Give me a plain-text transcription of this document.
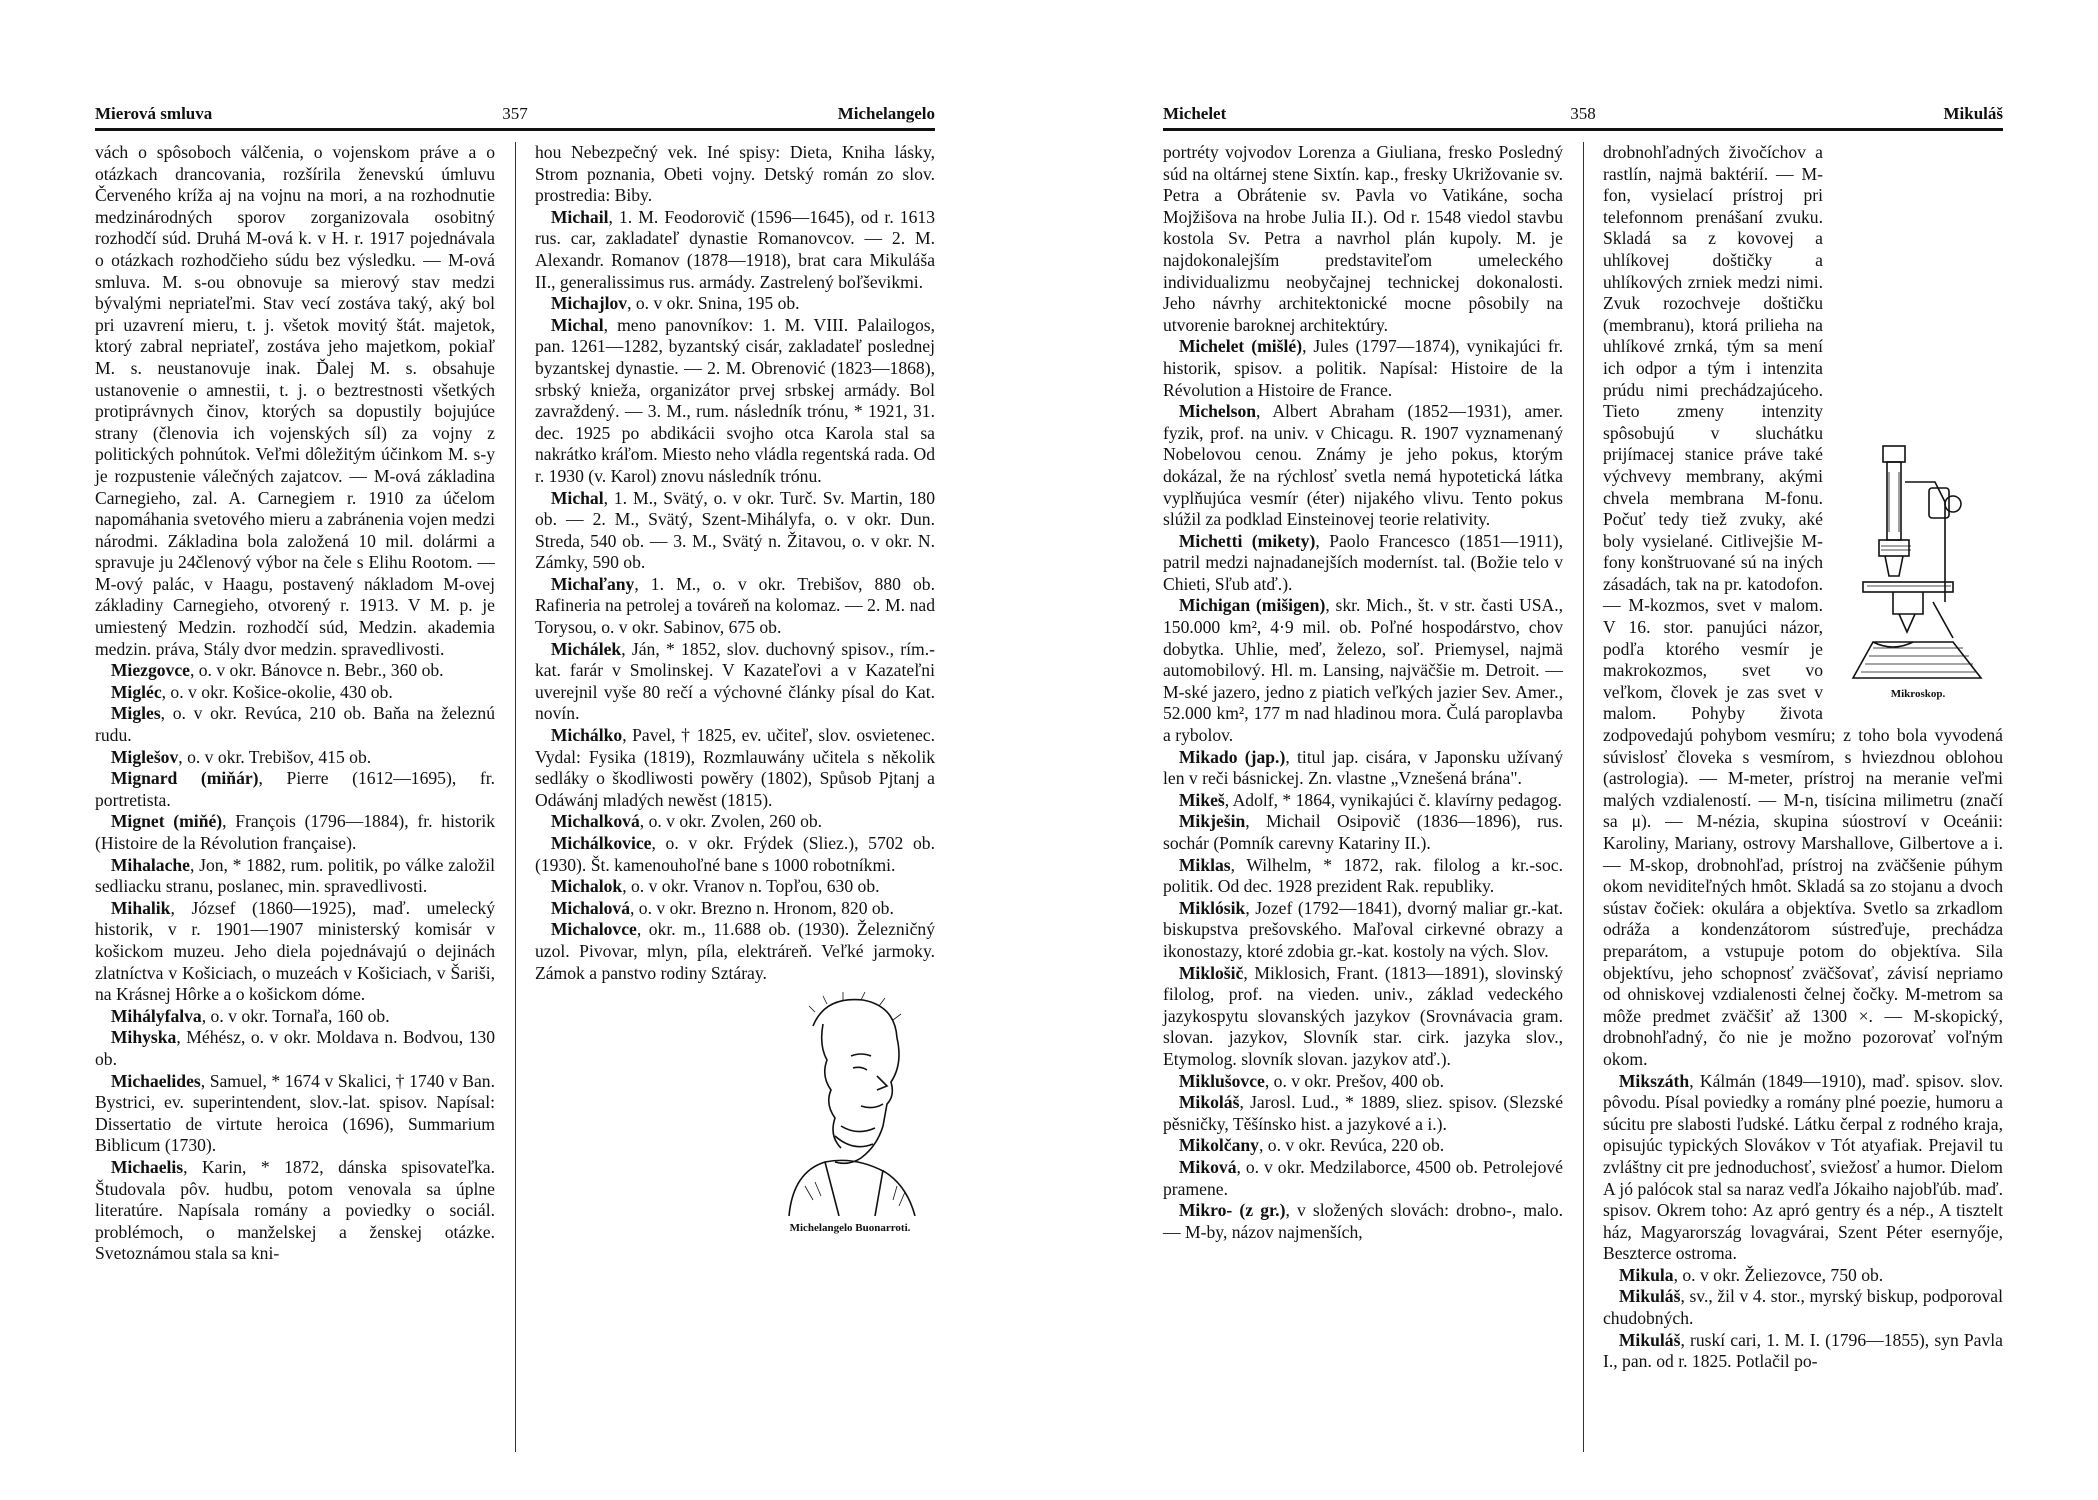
Mierová smluva	357	Michelangelo

vách o spôsoboch válčenia, o vojenskom práve a o otázkach drancovania, rozšírila ženevskú úmluvu Červeného kríža aj na vojnu na mori, a na rozhodnutie medzinárodných sporov zorganizovala osobitný rozhodčí súd. Druhá M-ová k. v H. r. 1917 pojednávala o otázkach rozhodčieho súdu bez výsledku. — M-ová smluva. M. s-ou obnovuje sa mierový stav medzi bývalými nepriateľmi. Stav vecí zostáva taký, aký bol pri uzavrení mieru, t. j. všetok movitý štát. majetok, ktorý zabral nepriateľ, zostáva jeho majetkom, pokiaľ M. s. neustanovuje inak. Ďalej M. s. obsahuje ustanovenie o amnestii, t. j. o beztrestnosti všetkých protiprávnych činov, ktorých sa dopustily bojujúce strany (členovia ich vojenských síl) za vojny z politických pohnútok. Veľmi dôležitým účinkom M. s-y je rozpustenie válečných zajatcov. — M-ová základina Carnegieho, zal. A. Carnegiem r. 1910 za účelom napomáhania svetového mieru a zabránenia vojen medzi národmi. Základina bola založená 10 mil. dolármi a spravuje ju 24členový výbor na čele s Elihu Rootom. — M-ový palác, v Haagu, postavený nákladom M-ovej základiny Carnegieho, otvorený r. 1913. V M. p. je umiestený Medzin. rozhodčí súd, Medzin. akademia medzin. práva, Stály dvor medzin. spravedlivosti.

Miezgovce, o. v okr. Bánovce n. Bebr., 360 ob.

Migléc, o. v okr. Košice-okolie, 430 ob.

Migles, o. v okr. Revúca, 210 ob. Baňa na železnú rudu.

Miglešov, o. v okr. Trebišov, 415 ob.

Mignard (miňár), Pierre (1612—1695), fr. portretista.

Mignet (miňé), François (1796—1884), fr. historik (Histoire de la Révolution française).

Mihalache, Jon, * 1882, rum. politik, po válke založil sedliacku stranu, poslanec, min. spravedlivosti.

Mihalik, József (1860—1925), maď. umelecký historik, v r. 1901—1907 ministerský komisár v košickom muzeu. Jeho diela pojednávajú o dejinách zlatníctva v Košiciach, o muzeách v Košiciach, v Šariši, na Krásnej Hôrke a o košickom dóme.

Mihályfalva, o. v okr. Tornaľa, 160 ob.

Mihyska, Méhész, o. v okr. Moldava n. Bodvou, 130 ob.

Michaelides, Samuel, * 1674 v Skalici, † 1740 v Ban. Bystrici, ev. superintendent, slov.-lat. spisov. Napísal: Dissertatio de virtute heroica (1696), Summarium Biblicum (1730).

Michaelis, Karin, * 1872, dánska spisovateľka. Študovala pôv. hudbu, potom venovala sa úplne literatúre. Napísala romány a poviedky o sociál. problémoch, o manželskej a ženskej otázke. Svetoznámou stala sa kni-

hou Nebezpečný vek. Iné spisy: Dieta, Kniha lásky, Strom poznania, Obeti vojny. Detský román zo slov. prostredia: Biby.

Michail, 1. M. Feodorovič (1596—1645), od r. 1613 rus. car, zakladateľ dynastie Romanovcov. — 2. M. Alexandr. Romanov (1878—1918), brat cara Mikuláša II., generalissimus rus. armády. Zastrelený boľševikmi.

Michajlov, o. v okr. Snina, 195 ob.

Michal, meno panovníkov: 1. M. VIII. Palailogos, pan. 1261—1282, byzantský cisár, zakladateľ poslednej byzantskej dynastie. — 2. M. Obrenović (1823—1868), srbský knieža, organizátor prvej srbskej armády. Bol zavraždený. — 3. M., rum. následník trónu, * 1921, 31. dec. 1925 po abdikácii svojho otca Karola stal sa nakrátko kráľom. Miesto neho vládla regentská rada. Od r. 1930 (v. Karol) znovu následník trónu.

Michal, 1. M., Svätý, o. v okr. Turč. Sv. Martin, 180 ob. — 2. M., Svätý, Szent-Mihályfa, o. v okr. Dun. Streda, 540 ob. — 3. M., Svätý n. Žitavou, o. v okr. N. Zámky, 590 ob.

Michaľany, 1. M., o. v okr. Trebišov, 880 ob. Rafineria na petrolej a továreň na kolomaz. — 2. M. nad Torysou, o. v okr. Sabinov, 675 ob.

Michálek, Ján, * 1852, slov. duchovný spisov., rím.-kat. farár v Smolinskej. V Kazateľovi a v Kazateľni uverejnil vyše 80 rečí a výchovné články písal do Kat. novín.

Michálko, Pavel, † 1825, ev. učiteľ, slov. osvietenec. Vydal: Fysika (1819), Rozmlauwány učitela s několik sedlákу o škodliwosti powěry (1802), Spůsob Pjtanj a Odáwánj mladých newěst (1815).

Michalková, o. v okr. Zvolen, 260 ob.

Michálkovice, o. v okr. Frýdek (Sliez.), 5702 ob. (1930). Št. kamenouhoľné bane s 1000 robotníkmi.

Michalok, o. v okr. Vranov n. Topľou, 630 ob.

Michalová, o. v okr. Brezno n. Hronom, 820 ob.

Michalovce, okr. m., 11.688 ob. (1930). Železničný uzol. Pivovar, mlyn, píla, elektráreň. Veľké jarmoky. Zámok a panstvo rodiny Sztáray.

Michelangelo Buonarroti.
Michelet	358	Mikuláš

portréty vojvodov Lorenza a Giuliana, fresko Posledný súd na oltárnej stene Sixtín. kap., fresky Ukrižovanie sv. Petra a Obrátenie sv. Pavla vo Vatikáne, socha Mojžišova na hrobe Julia II.). Od r. 1548 viedol stavbu kostola Sv. Petra a navrhol plán kupoly. M. je najdokonalejším predstaviteľom umeleckého individualizmu neobyčajnej technickej dokonalosti. Jeho návrhy architektonické mocne pôsobily na utvorenie baroknej architektúry.

Michelet (mišlé), Jules (1797—1874), vynikajúci fr. historik, spisov. a politik. Napísal: Histoire de la Révolution a Histoire de France.

Michelson, Albert Abraham (1852—1931), amer. fyzik, prof. na univ. v Chicagu. R. 1907 vyznamenaný Nobelovou cenou. Známy je jeho pokus, ktorým dokázal, že na rýchlosť svetla nemá hypotetická látka vyplňujúca vesmír (éter) nijakého vlivu. Tento pokus slúžil za podklad Einsteinovej teorie relativity.

Michetti (mikety), Paolo Francesco (1851—1911), patril medzi najnadanejších moderníst. tal. (Božie telo v Chieti, Sľub atď.).

Michigan (mišigen), skr. Mich., št. v str. časti USA., 150.000 km², 4·9 mil. ob. Poľné hospodárstvo, chov dobytka. Uhlie, meď, železo, soľ. Priemysel, najmä automobilový. Hl. m. Lansing, najväčšie m. Detroit. — M-ské jazero, jedno z piatich veľkých jazier Sev. Amer., 52.000 km², 177 m nad hladinou mora. Čulá paroplavba a rybolov.

Mikado (jap.), titul jap. cisára, v Japonsku užívaný len v reči básnickej. Zn. vlastne „Vznešená brána".

Mikeš, Adolf, * 1864, vynikajúci č. klavírny pedagog.

Mikješin, Michail Osipovič (1836—1896), rus. sochár (Pomník carevny Katarіny II.).

Miklas, Wilhelm, * 1872, rak. filolog a kr.-soc. politik. Od dec. 1928 prezident Rak. republiky.

Miklósik, Jozef (1792—1841), dvorný maliar gr.-kat. biskupstva prešovského. Maľoval cirkevné obrazy a ikonostazy, ktoré zdobia gr.-kat. kostoly na vých. Slov.

Miklošič, Miklosich, Frant. (1813—1891), slovinský filolog, prof. na vieden. univ., základ vedeckého jazykospytu slovanských jazykov (Srovnávacia gram. slovan. jazykov, Slovník star. cirk. jazyka slov., Etymolog. slovník slovan. jazykov atď.).

Miklušovce, o. v okr. Prešov, 400 ob.

Mikoláš, Jarosl. Lud., * 1889, sliez. spisov. (Slezské pěsničky, Těšínsko hist. a jazykové a i.).

Mikolčany, o. v okr. Revúca, 220 ob.

Miková, o. v okr. Medzilaborce, 4500 ob. Petrolejové pramene.

Mikro- (z gr.), v složených slovách: drobno-, malo. — M-by, názov najmenších,

Mikroskop.

drobnohľadných živočíchov a rastlín, najmä baktérií. — M-fon, vysielací prístroj pri telefonnom prenášaní zvuku. Skladá sa z kovovej a uhlíkovej doštičky a uhlíkových zrniek medzi nimi. Zvuk rozochveje doštičku (membranu), ktorá prilieha na uhlíkové zrnká, tým sa mení ich odpor a tým i intenzita prúdu nimi prechádzajúceho. Tieto zmeny intenzity spôsobujú v sluchátku prijímacej stanice práve také výchvevy membrany, akými chvela membrana M-fonu. Počuť tedy tiež zvuky, aké boly vysielané. Citlivejšie M-fony konštruované sú na iných zásadách, tak na pr. katodofon. — M-kozmos, svet v malom. V 16. stor. panujúci názor, podľa ktorého vesmír je makrokozmos, svet vo veľkom, človek je zas svet v malom. Pohyby života zodpovedajú pohybom vesmíru; z toho bola vyvodená súvislosť človeka s vesmírom, s hviezdnou oblohou (astrologia). — M-meter, prístroj na meranie veľmi malých vzdialeností. — M-n, tisícina milimetru (značí sa μ). — M-nézia, skupina súostroví v Oceánii: Karoliny, Mariany, ostrovy Marshallove, Gilbertove a i. — M-skop, drobnohľad, prístroj na zväčšenie púhym okom neviditeľných hmôt. Skladá sa zo stojanu a dvoch sústav čočiek: okulára a objektíva. Svetlo sa zrkadlom odráža a kondenzátorom sústreďuje, prechádza preparátom, a vstupuje potom do objektíva. Sila objektívu, jeho schopnosť zväčšovať, závisí nepriamo od ohniskovej vzdialenosti čelnej čočky. M-metrom sa môže predmet zväčšiť až 1300 ×. — M-skopický, drobnohľadný, čo nie je možno pozorovať voľným okom.

Mikszáth, Kálmán (1849—1910), maď. spisov. slov. pôvodu. Písal poviedky a romány plné poezie, humoru a súcitu pre slabosti ľudské. Látku čerpal z rodného kraja, opisujúc typických Slovákov v Tót atyafiak. Prejavil tu zvláštny cit pre jednoduchosť, sviežosť a humor. Dielom A jó palócok stal sa naraz vedľa Jókaiho najobľúb. maď. spisov. Okrem toho: Az apró gentry és a nép., A tisztelt ház, Magyarország lovagvárai, Szent Péter esernyője, Beszterce ostroma.

Mikula, o. v okr. Želiezovce, 750 ob.

Mikuláš, sv., žil v 4. stor., myrský biskup, podporoval chudobných.

Mikuláš, ruskí cari, 1. M. I. (1796—1855), syn Pavla I., pan. od r. 1825. Potlačil po-
